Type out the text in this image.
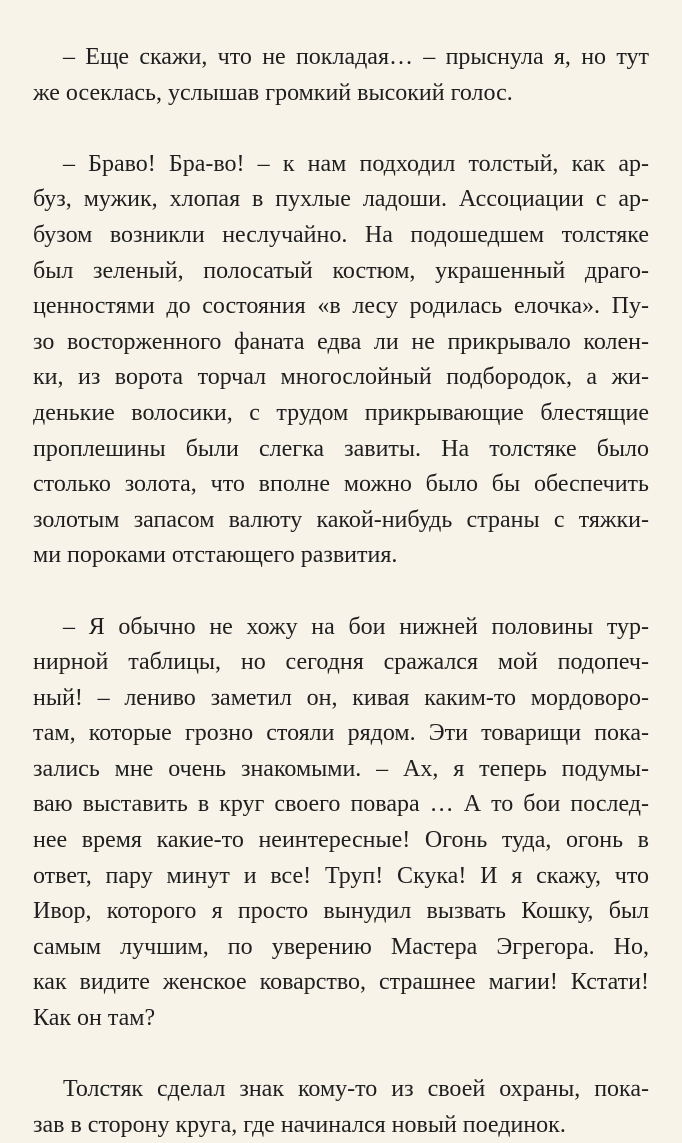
– Еще скажи, что не покладая… – прыснула я, но тут
же осеклась, услышав громкий высокий голос.

– Браво! Бра-во! – к нам подходил толстый, как ар-
буз, мужик, хлопая в пухлые ладоши. Ассоциации с ар-
бузом возникли неслучайно. На подошедшем толстяке
был зеленый, полосатый костюм, украшенный драго-
ценностями до состояния «в лесу родилась елочка». Пу-
зо восторженного фаната едва ли не прикрывало колен-
ки, из ворота торчал многослойный подбородок, а жи-
денькие волосики, с трудом прикрывающие блестящие
проплешины были слегка завиты. На толстяке было
столько золота, что вполне можно было бы обеспечить
золотым запасом валюту какой-нибудь страны с тяжки-
ми пороками отстающего развития.

– Я обычно не хожу на бои нижней половины тур-
нирной таблицы, но сегодня сражался мой подопеч-
ный! – лениво заметил он, кивая каким-то мордоворо-
там, которые грозно стояли рядом. Эти товарищи пока-
зались мне очень знакомыми. – Ах, я теперь подумы-
ваю выставить в круг своего повара … А то бои послед-
нее время какие-то неинтересные! Огонь туда, огонь в
ответ, пару минут и все! Труп! Скука! И я скажу, что
Ивор, которого я просто вынудил вызвать Кошку, был
самым лучшим, по уверению Мастера Эгрегора. Но,
как видите женское коварство, страшнее магии! Кстати!
Как он там?

Толстяк сделал знак кому-то из своей охраны, пока-
зав в сторону круга, где начинался новый поединок.
